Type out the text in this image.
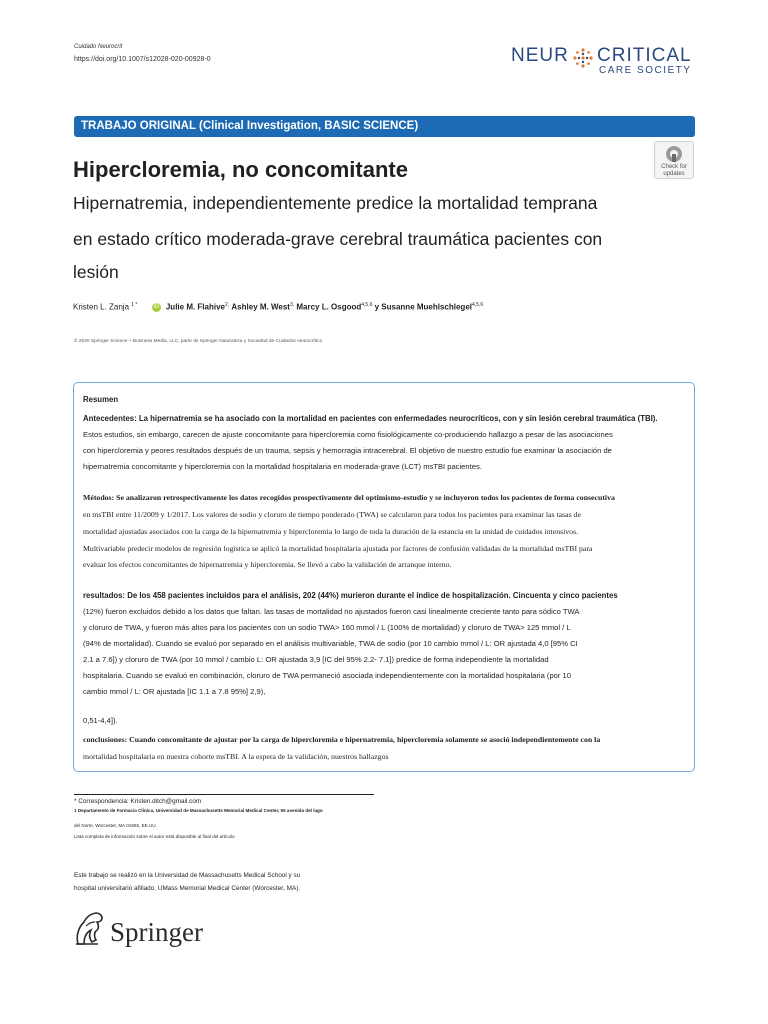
Cuidado Neurocrit
https://doi.org/10.1007/s12028-020-00928-0	NEUR CRITICAL
CARE SOCIETY
TRABAJO ORIGINAL (Clinical Investigation, BASIC SCIENCE)
Hipercloremia, no concomitante	Check for
updates
Hipernatremia, independientemente predice la mortalidad temprana
en estado crítico moderada-grave cerebral traumática pacientes con
lesión
Kristen L. Zanja $^{1 *}$	iD Julie M. Flahive$^{2,}$ Ashley M. West$^{3,}$ Marcy L. Osgood$^{4,5,6}$ y Susanne Muehlschlegel$^{4,5,6}$
© 2020 Springer Science + Business Media, LLC, parte de Springer Naturaleza y Sociedad de Cuidados neurocrítico
Resumen
Antecedentes: La hipernatremia se ha asociado con la mortalidad en pacientes con enfermedades neurocríticos, con y sin lesión cerebral traumática (TBI).
Estos estudios, sin embargo, carecen de ajuste concomitante para hipercloremia como fisiológicamente co-produciendo hallazgo a pesar de las asociaciones
con hipercloremia y peores resultados después de un trauma, sepsis y hemorragia intracerebral. El objetivo de nuestro estudio fue examinar la asociación de
hipernatremia concomitante y hipercloremia con la mortalidad hospitalaria en moderada-grave (LCT) msTBI pacientes.
Métodos: Se analizaron retrospectivamente los datos recogidos prospectivamente del optimismo-estudio y se incluyeron todos los pacientes de forma consecutiva
en msTBI entre 11/2009 y 1/2017. Los valores de sodio y cloruro de tiempo ponderado (TWA) se calcularon para todos los pacientes para examinar las tasas de
mortalidad ajustadas asociados con la carga de la hipernatremia y hipercloremia lo largo de toda la duración de la estancia en la unidad de cuidados intensivos.
Multivariable predecir modelos de regresión logística se aplicó la mortalidad hospitalaria ajustada por factores de confusión validadas de la mortalidad msTBI para
evaluar los efectos concomitantes de hipernatremia y hipercloremia. Se llevó a cabo la validación de arranque interno.
resultados: De los 458 pacientes incluidos para el análisis, 202 (44%) murieron durante el índice de hospitalización. Cincuenta y cinco pacientes
(12%) fueron excluidos debido a los datos que faltan. las tasas de mortalidad no ajustados fueron casi linealmente creciente tanto para sódico TWA
y cloruro de TWA, y fueron más altos para los pacientes con un sodio TWA> 160 mmol / L (100% de mortalidad) y cloruro de TWA> 125 mmol / L
(94% de mortalidad). Cuando se evaluó por separado en el análisis multivariable, TWA de sodio (por 10 cambio mmol / L: OR ajustada 4,0 [95% CI
2.1 a 7.6]) y cloruro de TWA (por 10 mmol / cambio L: OR ajustada 3,9 [IC del 95% 2.2- 7.1]) predice de forma independiente la mortalidad
hospitalaria. Cuando se evaluó en combinación, cloruro de TWA permaneció asociada independientemente con la mortalidad hospitalaria (por 10
cambio mmol / L: OR ajustada [IC 1.1 a 7.8 95%] 2,9),
0,51-4,4]).
conclusiones: Cuando concomitante de ajustar por la carga de hipercloremia e hipernatremia, hipercloremia solamente se asoció independientemente con la
mortalidad hospitalaria en nuestra cohorte msTBI. A la espera de la validación, nuestros hallazgos
* Correspondencia: Kristen.ditch@gmail.com
1 Departamento de Farmacia Clínica, Universidad de Massachusetts Memorial Medical Center, 55 avenida del lago
del Norte, Worcester, MA 01655, EE.UU.
Lista completa de información sobre el autor está disponible al final del artículo
Este trabajo se realizó en la Universidad de Massachusetts Medical School y su
hospital universitario afiliado, UMass Memorial Medical Center (Worcester, MA).
Springer
